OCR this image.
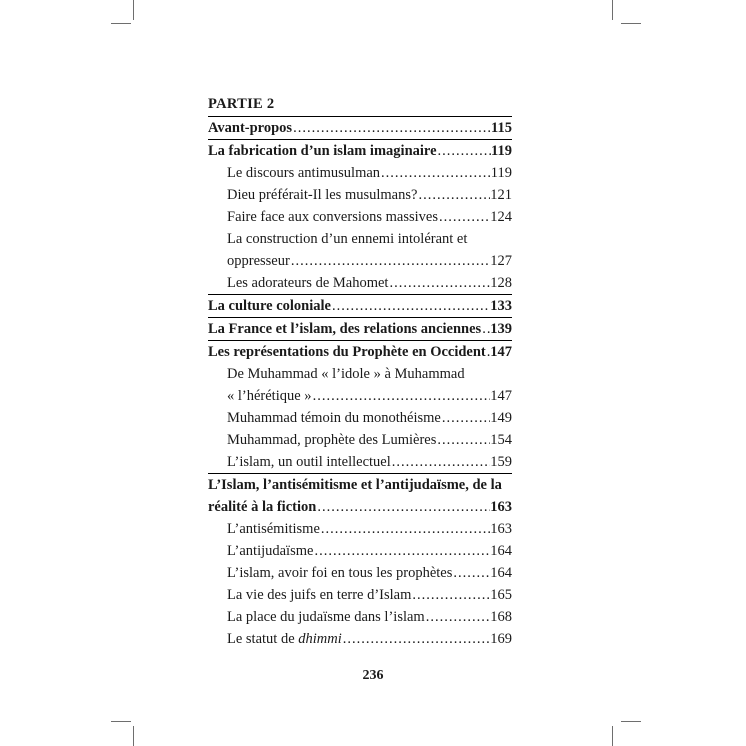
PARTIE 2
Avant-propos .....	115
La fabrication d’un islam imaginaire .....	119
Le discours antimusulman .....	119
Dieu préférait-Il les musulmans? .....	121
Faire face aux conversions massives .....	124
La construction d’un ennemi intolérant et
oppresseur .....	127
Les adorateurs de Mahomet .....	128
La culture coloniale .....	133
La France et l’islam, des relations anciennes ..... 139
Les représentations du Prophète en Occident ..... 147
De Muhammad « l’idole » à Muhammad
« l’hérétique » .....	147
Muhammad témoin du monothéisme .....	149
Muhammad, prophète des Lumières .....	154
L’islam, un outil intellectuel .....	159
L’Islam, l’antisémitisme et l’antijudaïsme, de la
réalité à la fiction .....	163
L’antisémitisme .....	163
L’antijudaïsme .....	164
L’islam, avoir foi en tous les prophètes .....	164
La vie des juifs en terre d’Islam .....	165
La place du judaïsme dans l’islam .....	168
Le statut de dhimmi .....	169
236
